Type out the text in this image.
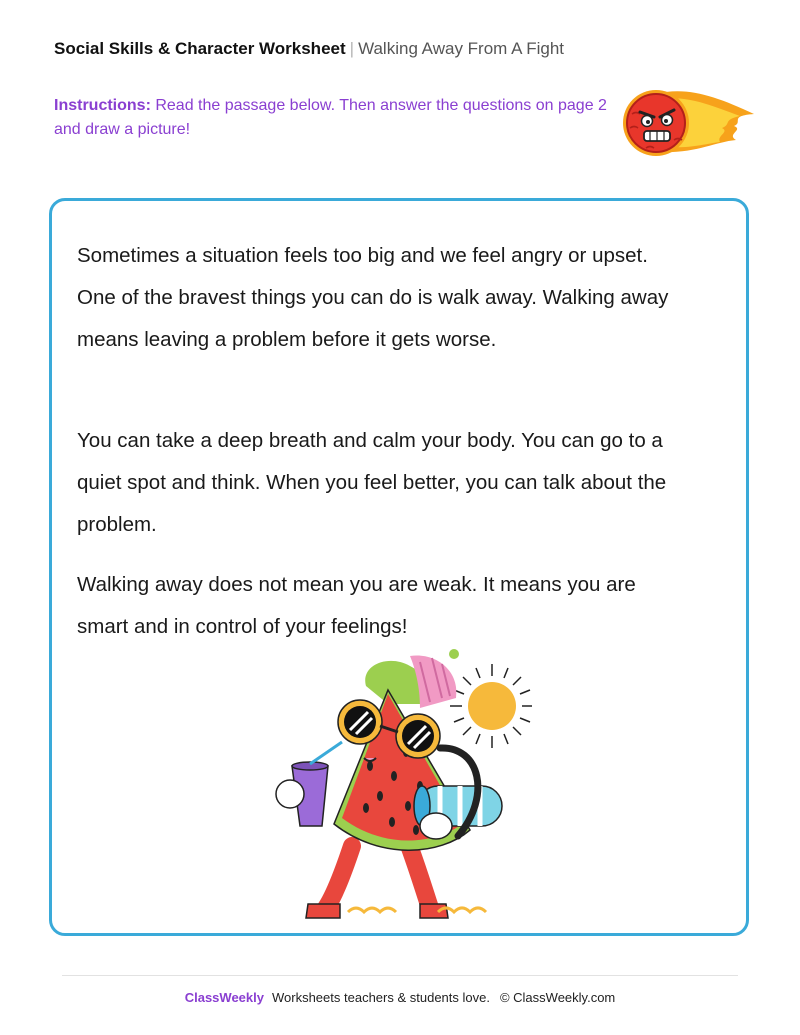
Social Skills & Character Worksheet | Walking Away From A Fight
Instructions: Read the passage below. Then answer the questions on page 2 and draw a picture!

Sometimes a situation feels too big and we feel angry or upset. One of the bravest things you can do is walk away. Walking away means leaving a problem before it gets worse.

You can take a deep breath and calm your body. You can go to a quiet spot and think. When you feel better, you can talk about the problem.

Walking away does not mean you are weak. It means you are smart and in control of your feelings!

ClassWeekly Worksheets teachers & students love. © ClassWeekly.com
